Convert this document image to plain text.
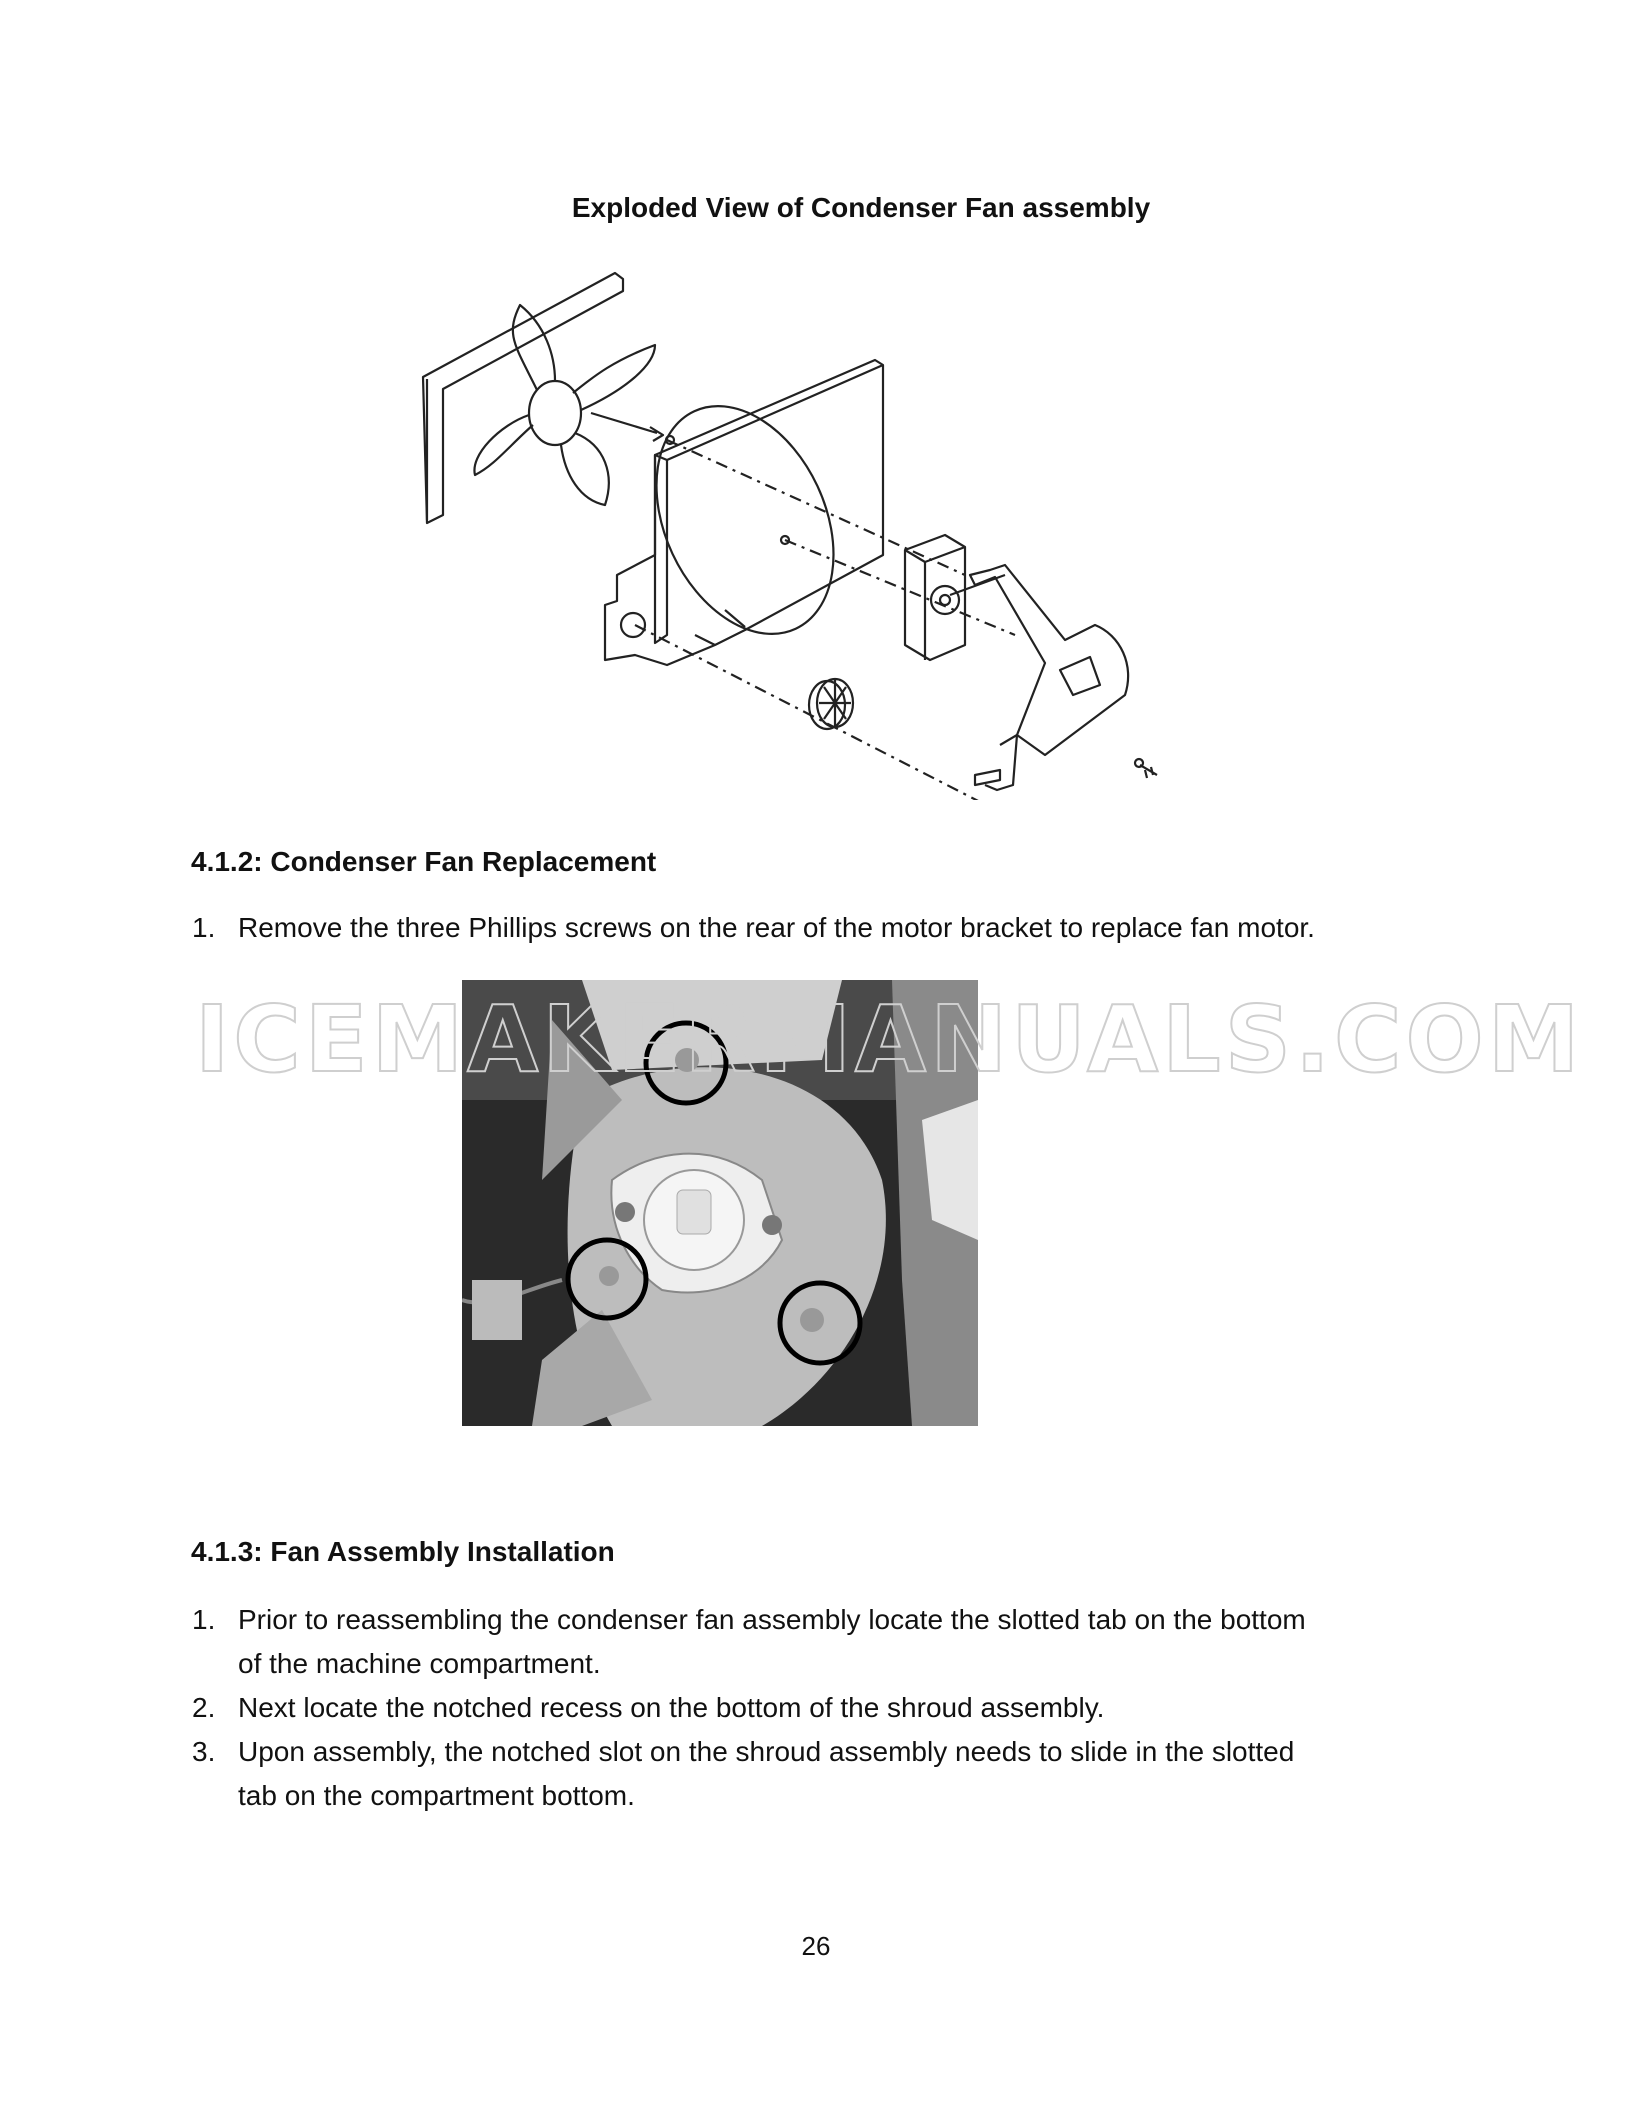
Exploded View of Condenser Fan assembly
4.1.2: Condenser Fan Replacement
1. Remove the three Phillips screws on the rear of the motor bracket to replace fan motor.
ICEMAKERMANUALS.COM
4.1.3: Fan Assembly Installation
1. Prior to reassembling the condenser fan assembly locate the slotted tab on the bottom
of the machine compartment.
2. Next locate the notched recess on the bottom of the shroud assembly.
3. Upon assembly, the notched slot on the shroud assembly needs to slide in the slotted
tab on the compartment bottom.
26
